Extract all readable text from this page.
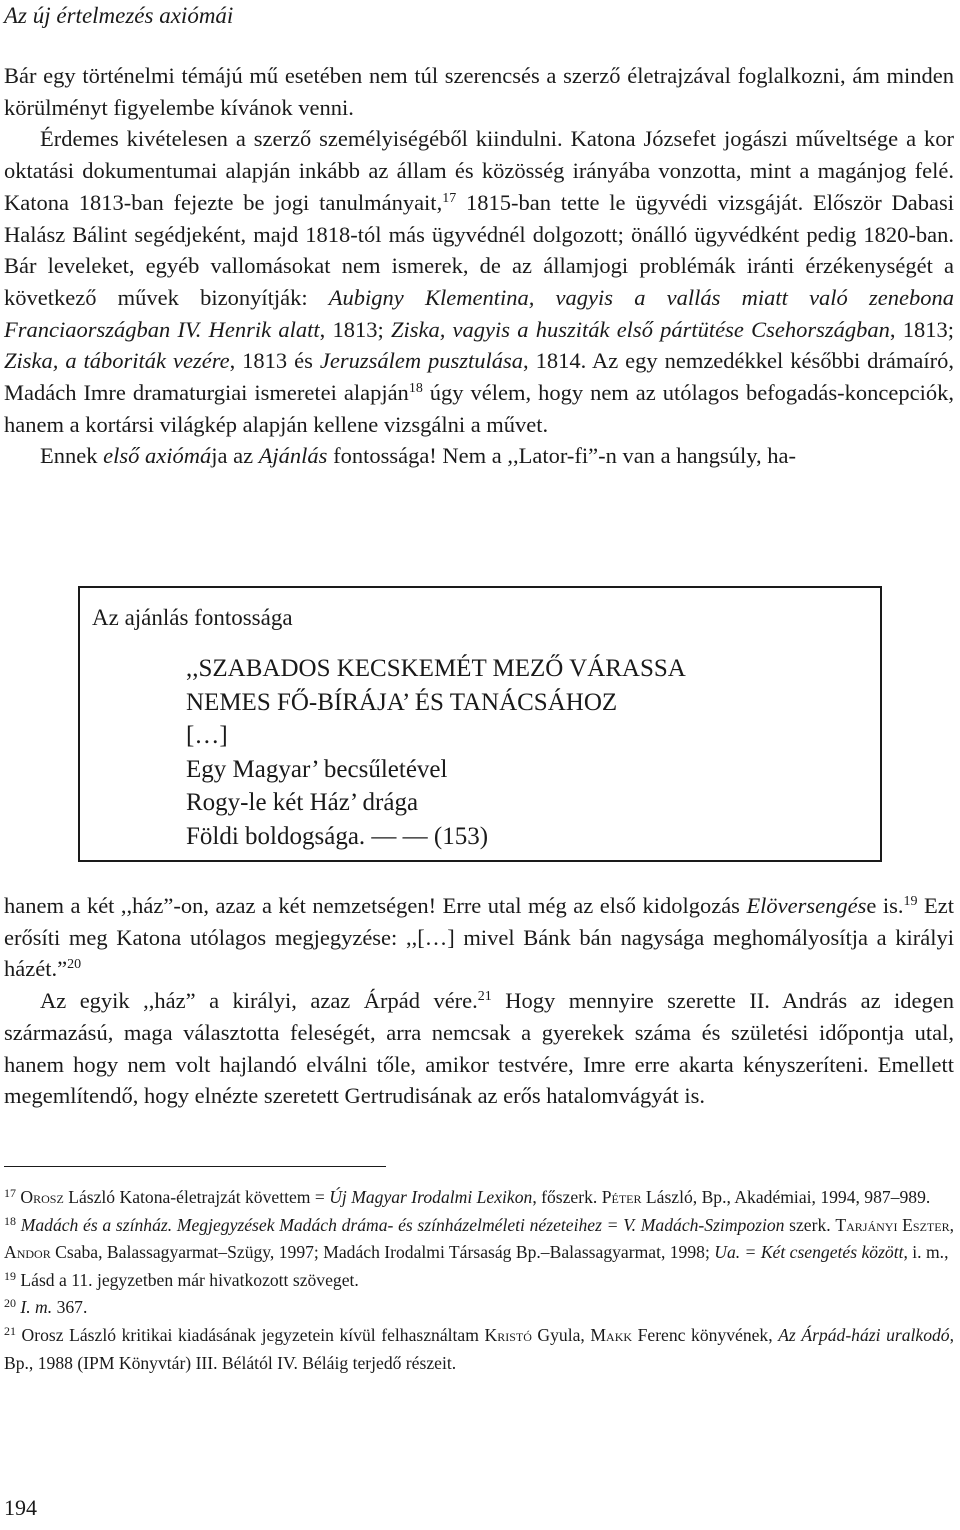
Az új értelmezés axiómái

Bár egy történelmi témájú mű esetében nem túl szerencsés a szerző életrajzával foglalkozni, ám minden körülményt figyelembe kívánok venni.

Érdemes kivételesen a szerző személyiségéből kiindulni. Katona Józsefet jogászi műveltsége a kor oktatási dokumentumai alapján inkább az állam és közösség irányába vonzotta, mint a magánjog felé. Katona 1813-ban fejezte be jogi tanulmányait,$^{17}$ 1815-ban tette le ügyvédi vizsgáját. Először Dabasi Halász Bálint segédjeként, majd 1818-tól más ügyvédnél dolgozott; önálló ügyvédként pedig 1820-ban. Bár leveleket, egyéb vallomásokat nem ismerek, de az államjogi problémák iránti érzékenységét a következő művek bizonyítják: Aubigny Klementina, vagyis a vallás miatt való zenebona Franciaországban IV. Henrik alatt, 1813; Ziska, vagyis a husziták első pártütése Csehországban, 1813; Ziska, a táboriták vezére, 1813 és Jeruzsálem pusztulása, 1814. Az egy nemzedékkel későbbi drámaíró, Madách Imre dramaturgiai ismeretei alapján$^{18}$ úgy vélem, hogy nem az utólagos befogadás-koncepciók, hanem a kortársi világkép alapján kellene vizsgálni a művet.

Ennek első axiómája az Ajánlás fontossága! Nem a ,,Lator-fi”-n van a hangsúly, ha-

Az ajánlás fontossága
,,SZABADOS KECSKEMÉT MEZŐ VÁRASSA
NEMES FŐ-BÍRÁJA’ ÉS TANÁCSÁHOZ
[…]
Egy Magyar’ becsűletével
Rogy-le két Ház’ drága
Földi boldogsága. — — (153)

hanem a két ,,ház”-on, azaz a két nemzetségen! Erre utal még az első kidolgozás Elöversengése is.$^{19}$ Ezt erősíti meg Katona utólagos megjegyzése: ,,[…] mivel Bánk bán nagysága meghomályosítja a királyi házét.”$^{20}$

Az egyik ,,ház” a királyi, azaz Árpád vére.$^{21}$ Hogy mennyire szerette II. András az idegen származású, maga választotta feleségét, arra nemcsak a gyerekek száma és születési időpontja utal, hanem hogy nem volt hajlandó elválni tőle, amikor testvére, Imre erre akarta kényszeríteni. Emellett megemlítendő, hogy elnézte szeretett Gertrudisának az erős hatalomvágyát is.

$^{17}$ Orosz László Katona-életrajzát követtem = Új Magyar Irodalmi Lexikon, főszerk. Péter László, Bp., Akadémiai, 1994, 987–989.

$^{18}$ Madách és a színház. Megjegyzések Madách dráma- és színházelméleti nézeteihez = V. Madách-Szimpozion szerk. Tarjányi Eszter, Andor Csaba, Balassagyarmat–Szügy, 1997; Madách Irodalmi Társaság Bp.–Balassagyarmat, 1998; Ua. = Két csengetés között, i. m.,

$^{19}$ Lásd a 11. jegyzetben már hivatkozott szöveget.

$^{20}$ I. m. 367.

$^{21}$ Orosz László kritikai kiadásának jegyzetein kívül felhasználtam Kristó Gyula, Makk Ferenc könyvének, Az Árpád-házi uralkodó, Bp., 1988 (IPM Könyvtár) III. Bélától IV. Béláig terjedő részeit.

194
